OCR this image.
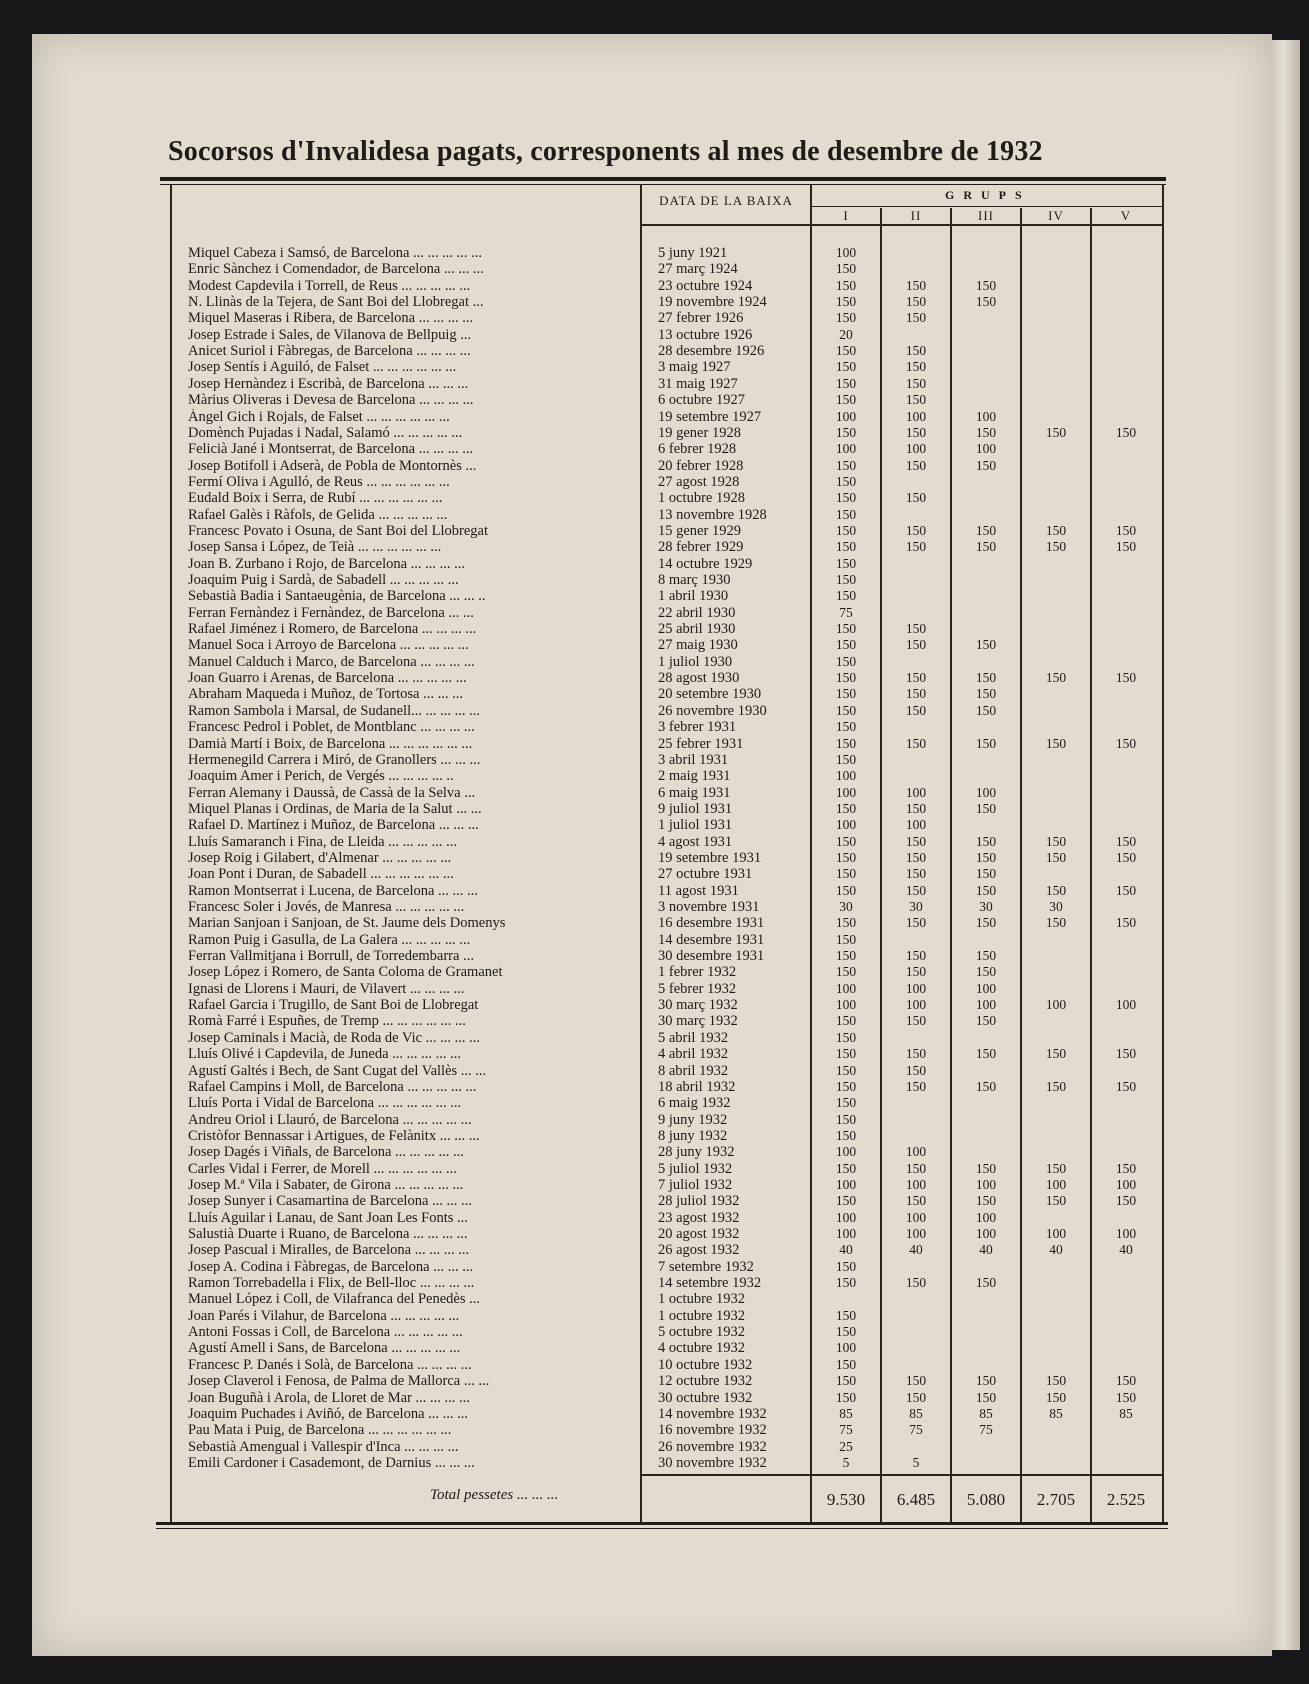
Socorsos d'Invalidesa pagats, corresponents al mes de desembre de 1932
DATA DE LA BAIXA	GRUPS
I	II	III	IV	V
Miquel Cabeza i Samsó, de Barcelona ... ... ... ... ...	5 juny 1921	100
Enric Sànchez i Comendador, de Barcelona ... ... ...	27 març 1924	150
Modest Capdevila i Torrell, de Reus ... ... ... ... ...	23 octubre 1924	150	150	150
N. Llinàs de la Tejera, de Sant Boi del Llobregat ...	19 novembre 1924	150	150	150
Miquel Maseras i Ribera, de Barcelona ... ... ... ...	27 febrer 1926	150	150
Josep Estrade i Sales, de Vilanova de Bellpuig ...	13 octubre 1926	20
Anicet Suriol i Fàbregas, de Barcelona ... ... ... ...	28 desembre 1926	150	150
Josep Sentís i Aguiló, de Falset ... ... ... ... ... ...	3 maig 1927	150	150
Josep Hernàndez i Escribà, de Barcelona ... ... ...	31 maig 1927	150	150
Màrius Oliveras i Devesa de Barcelona ... ... ... ...	6 octubre 1927	150	150
Àngel Gich i Rojals, de Falset ... ... ... ... ... ...	19 setembre 1927	100	100	100
Domènch Pujadas i Nadal, Salamó ... ... ... ... ...	19 gener 1928	150	150	150	150	150
Felicià Jané i Montserrat, de Barcelona ... ... ... ...	6 febrer 1928	100	100	100
Josep Botifoll i Adserà, de Pobla de Montornès ...	20 febrer 1928	150	150	150
Fermí Oliva i Agulló, de Reus ... ... ... ... ... ...	27 agost 1928	150
Eudald Boix i Serra, de Rubí ... ... ... ... ... ...	1 octubre 1928	150	150
Rafael Galès i Ràfols, de Gelida ... ... ... ... ...	13 novembre 1928	150
Francesc Povato i Osuna, de Sant Boi del Llobregat	15 gener 1929	150	150	150	150	150
Josep Sansa i López, de Teià ... ... ... ... ... ...	28 febrer 1929	150	150	150	150	150
Joan B. Zurbano i Rojo, de Barcelona ... ... ... ...	14 octubre 1929	150
Joaquim Puig i Sardà, de Sabadell ... ... ... ... ...	8 març 1930	150
Sebastià Badia i Santaeugènia, de Barcelona ... ... ..	1 abril 1930	150
Ferran Fernàndez i Fernàndez, de Barcelona ... ...	22 abril 1930	75
Rafael Jiménez i Romero, de Barcelona ... ... ... ...	25 abril 1930	150	150
Manuel Soca i Arroyo de Barcelona ... ... ... ... ...	27 maig 1930	150	150	150
Manuel Calduch i Marco, de Barcelona ... ... ... ...	1 juliol 1930	150
Joan Guarro i Arenas, de Barcelona ... ... ... ... ...	28 agost 1930	150	150	150	150	150
Abraham Maqueda i Muñoz, de Tortosa ... ... ...	20 setembre 1930	150	150	150
Ramon Sambola i Marsal, de Sudanell... ... ... ... ...	26 novembre 1930	150	150	150
Francesc Pedrol i Poblet, de Montblanc ... ... ... ...	3 febrer 1931	150
Damià Martí i Boix, de Barcelona ... ... ... ... ... ...	25 febrer 1931	150	150	150	150	150
Hermenegild Carrera i Miró, de Granollers ... ... ...	3 abril 1931	150
Joaquim Amer i Perich, de Vergés ... ... ... ... ..	2 maig 1931	100
Ferran Alemany i Daussà, de Cassà de la Selva ...	6 maig 1931	100	100	100
Miquel Planas i Ordinas, de Maria de la Salut ... ...	9 juliol 1931	150	150	150
Rafael D. Martínez i Muñoz, de Barcelona ... ... ...	1 juliol 1931	100	100
Lluís Samaranch i Fina, de Lleida ... ... ... ... ...	4 agost 1931	150	150	150	150	150
Josep Roig i Gilabert, d'Almenar ... ... ... ... ...	19 setembre 1931	150	150	150	150	150
Joan Pont i Duran, de Sabadell ... ... ... ... ... ...	27 octubre 1931	150	150	150
Ramon Montserrat i Lucena, de Barcelona ... ... ...	11 agost 1931	150	150	150	150	150
Francesc Soler i Jovés, de Manresa ... ... ... ... ...	3 novembre 1931	30	30	30	30
Marian Sanjoan i Sanjoan, de St. Jaume dels Domenys	16 desembre 1931	150	150	150	150	150
Ramon Puig i Gasulla, de La Galera ... ... ... ... ...	14 desembre 1931	150
Ferran Vallmitjana i Borrull, de Torredembarra ...	30 desembre 1931	150	150	150
Josep López i Romero, de Santa Coloma de Gramanet	1 febrer 1932	150	150	150
Ignasi de Llorens i Mauri, de Vilavert ... ... ... ...	5 febrer 1932	100	100	100
Rafael Garcia i Trugillo, de Sant Boi de Llobregat	30 març 1932	100	100	100	100	100
Romà Farré i Espuñes, de Tremp ... ... ... ... ... ...	30 març 1932	150	150	150
Josep Caminals i Macià, de Roda de Vic ... ... ... ...	5 abril 1932	150
Lluís Olivé i Capdevila, de Juneda ... ... ... ... ...	4 abril 1932	150	150	150	150	150
Agustí Galtés i Bech, de Sant Cugat del Vallès ... ...	8 abril 1932	150	150
Rafael Campins i Moll, de Barcelona ... ... ... ... ...	18 abril 1932	150	150	150	150	150
Lluís Porta i Vidal de Barcelona ... ... ... ... ... ...	6 maig 1932	150
Andreu Oriol i Llauró, de Barcelona ... ... ... ... ...	9 juny 1932	150
Cristòfor Bennassar i Artigues, de Felànitx ... ... ...	8 juny 1932	150
Josep Dagés i Viñals, de Barcelona ... ... ... ... ...	28 juny 1932	100	100
Carles Vidal i Ferrer, de Morell ... ... ... ... ... ...	5 juliol 1932	150	150	150	150	150
Josep M.ª Vila i Sabater, de Girona ... ... ... ... ...	7 juliol 1932	100	100	100	100	100
Josep Sunyer i Casamartina de Barcelona ... ... ...	28 juliol 1932	150	150	150	150	150
Lluís Aguilar i Lanau, de Sant Joan Les Fonts ...	23 agost 1932	100	100	100
Salustià Duarte i Ruano, de Barcelona ... ... ... ...	20 agost 1932	100	100	100	100	100
Josep Pascual i Miralles, de Barcelona ... ... ... ...	26 agost 1932	40	40	40	40	40
Josep A. Codina i Fàbregas, de Barcelona ... ... ...	7 setembre 1932	150
Ramon Torrebadella i Flix, de Bell-lloc ... ... ... ...	14 setembre 1932	150	150	150
Manuel López i Coll, de Vilafranca del Penedès ...	1 octubre 1932
Joan Parés i Vilahur, de Barcelona ... ... ... ... ...	1 octubre 1932	150
Antoni Fossas i Coll, de Barcelona ... ... ... ... ...	5 octubre 1932	150
Agustí Amell i Sans, de Barcelona ... ... ... ... ...	4 octubre 1932	100
Francesc P. Danés i Solà, de Barcelona ... ... ... ...	10 octubre 1932	150
Josep Claverol i Fenosa, de Palma de Mallorca ... ...	12 octubre 1932	150	150	150	150	150
Joan Buguñà i Arola, de Lloret de Mar ... ... ... ...	30 octubre 1932	150	150	150	150	150
Joaquim Puchades i Aviñó, de Barcelona ... ... ...	14 novembre 1932	85	85	85	85	85
Pau Mata i Puig, de Barcelona ... ... ... ... ... ...	16 novembre 1932	75	75	75
Sebastià Amengual i Vallespir d'Inca ... ... ... ...	26 novembre 1932	25
Emili Cardoner i Casademont, de Darnius ... ... ...	30 novembre 1932	5	5
Total pessetes ... ... ...	9.530	6.485	5.080	2.705	2.525
